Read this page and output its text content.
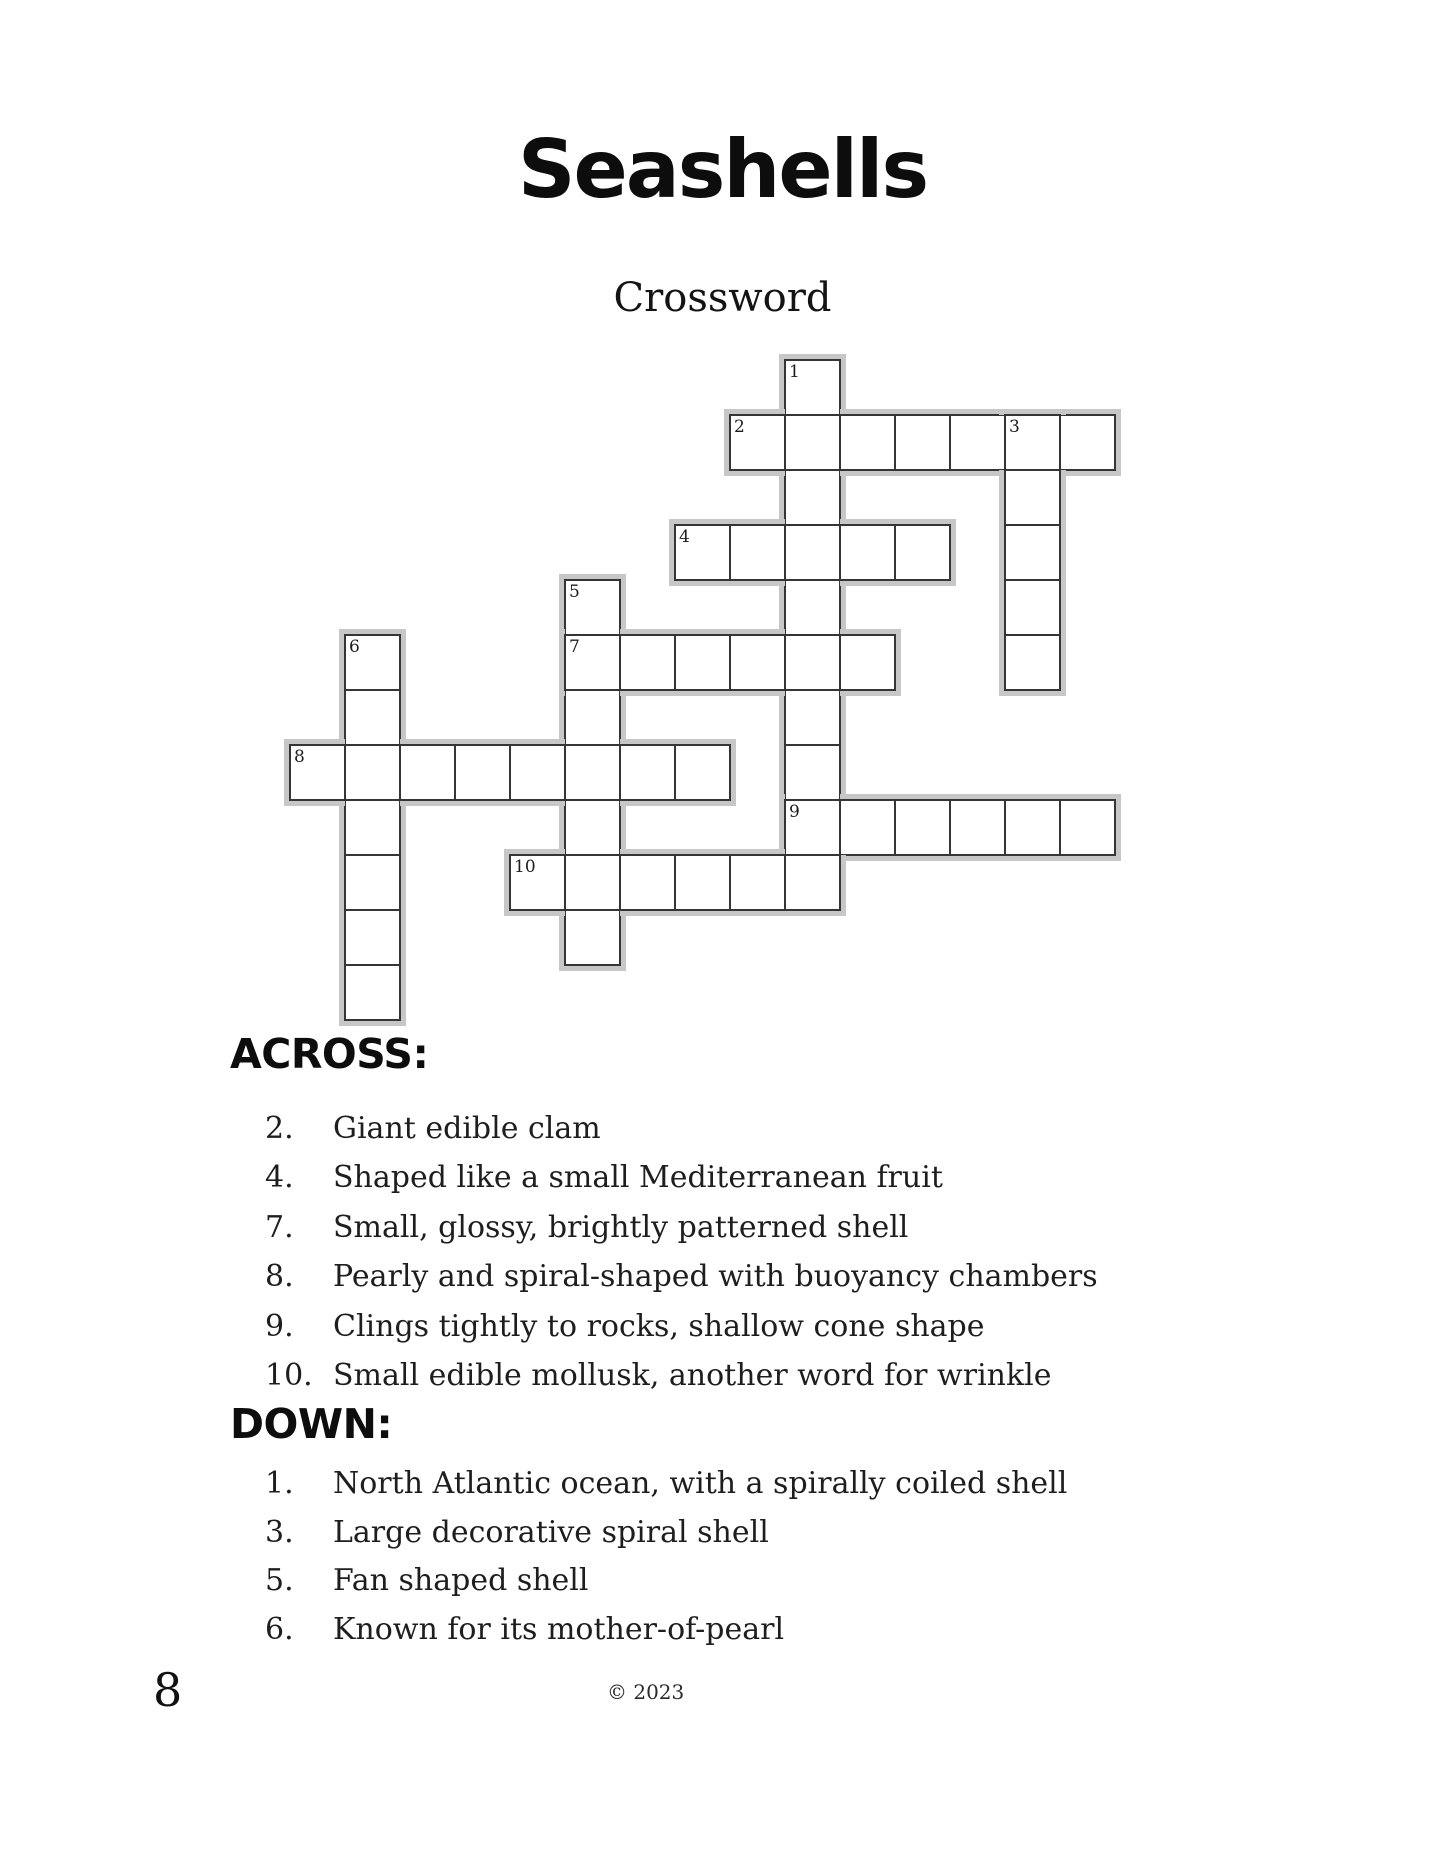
Seashells
Crossword
1
2	3
4
5
6	7
8
9
10
ACROSS:
2. Giant edible clam
4. Shaped like a small Mediterranean fruit
7. Small, glossy, brightly patterned shell
8. Pearly and spiral-shaped with buoyancy chambers
9. Clings tightly to rocks, shallow cone shape
10. Small edible mollusk, another word for wrinkle
DOWN:
1. North Atlantic ocean, with a spirally coiled shell
3. Large decorative spiral shell
5. Fan shaped shell
6. Known for its mother-of-pearl
8	© 2023
